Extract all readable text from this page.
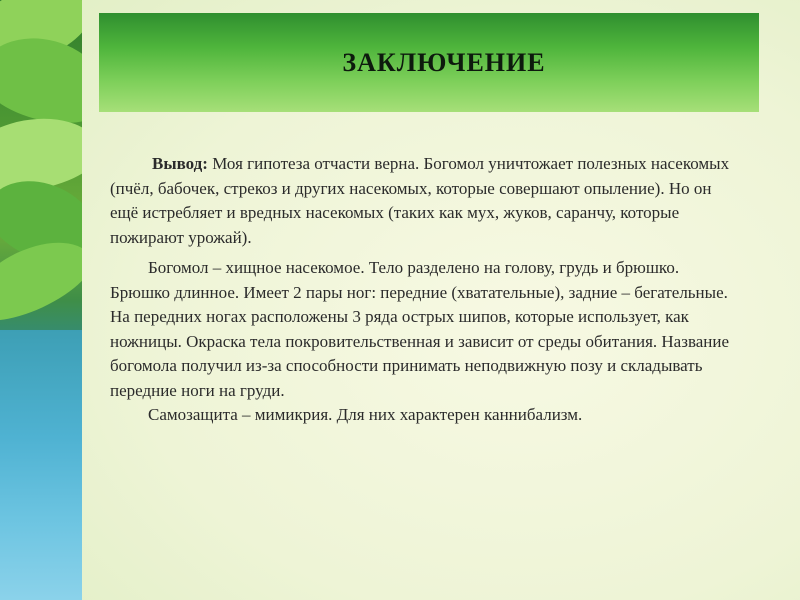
ЗАКЛЮЧЕНИЕ

Вывод: Моя гипотеза отчасти верна. Богомол уничтожает полезных насекомых (пчёл, бабочек, стрекоз и других насекомых, которые совершают опыление). Но он ещё истребляет и вредных насекомых (таких как мух, жуков, саранчу, которые пожирают урожай).

Богомол – хищное насекомое. Тело разделено на голову, грудь и брюшко. Брюшко длинное. Имеет 2 пары ног: передние (хватательные), задние – бегательные. На передних ногах расположены 3 ряда острых шипов, которые использует, как ножницы. Окраска тела покровительственная и зависит от среды обитания. Название богомола получил из-за способности принимать неподвижную позу и складывать передние ноги на груди.

Самозащита – мимикрия. Для них характерен каннибализм.
